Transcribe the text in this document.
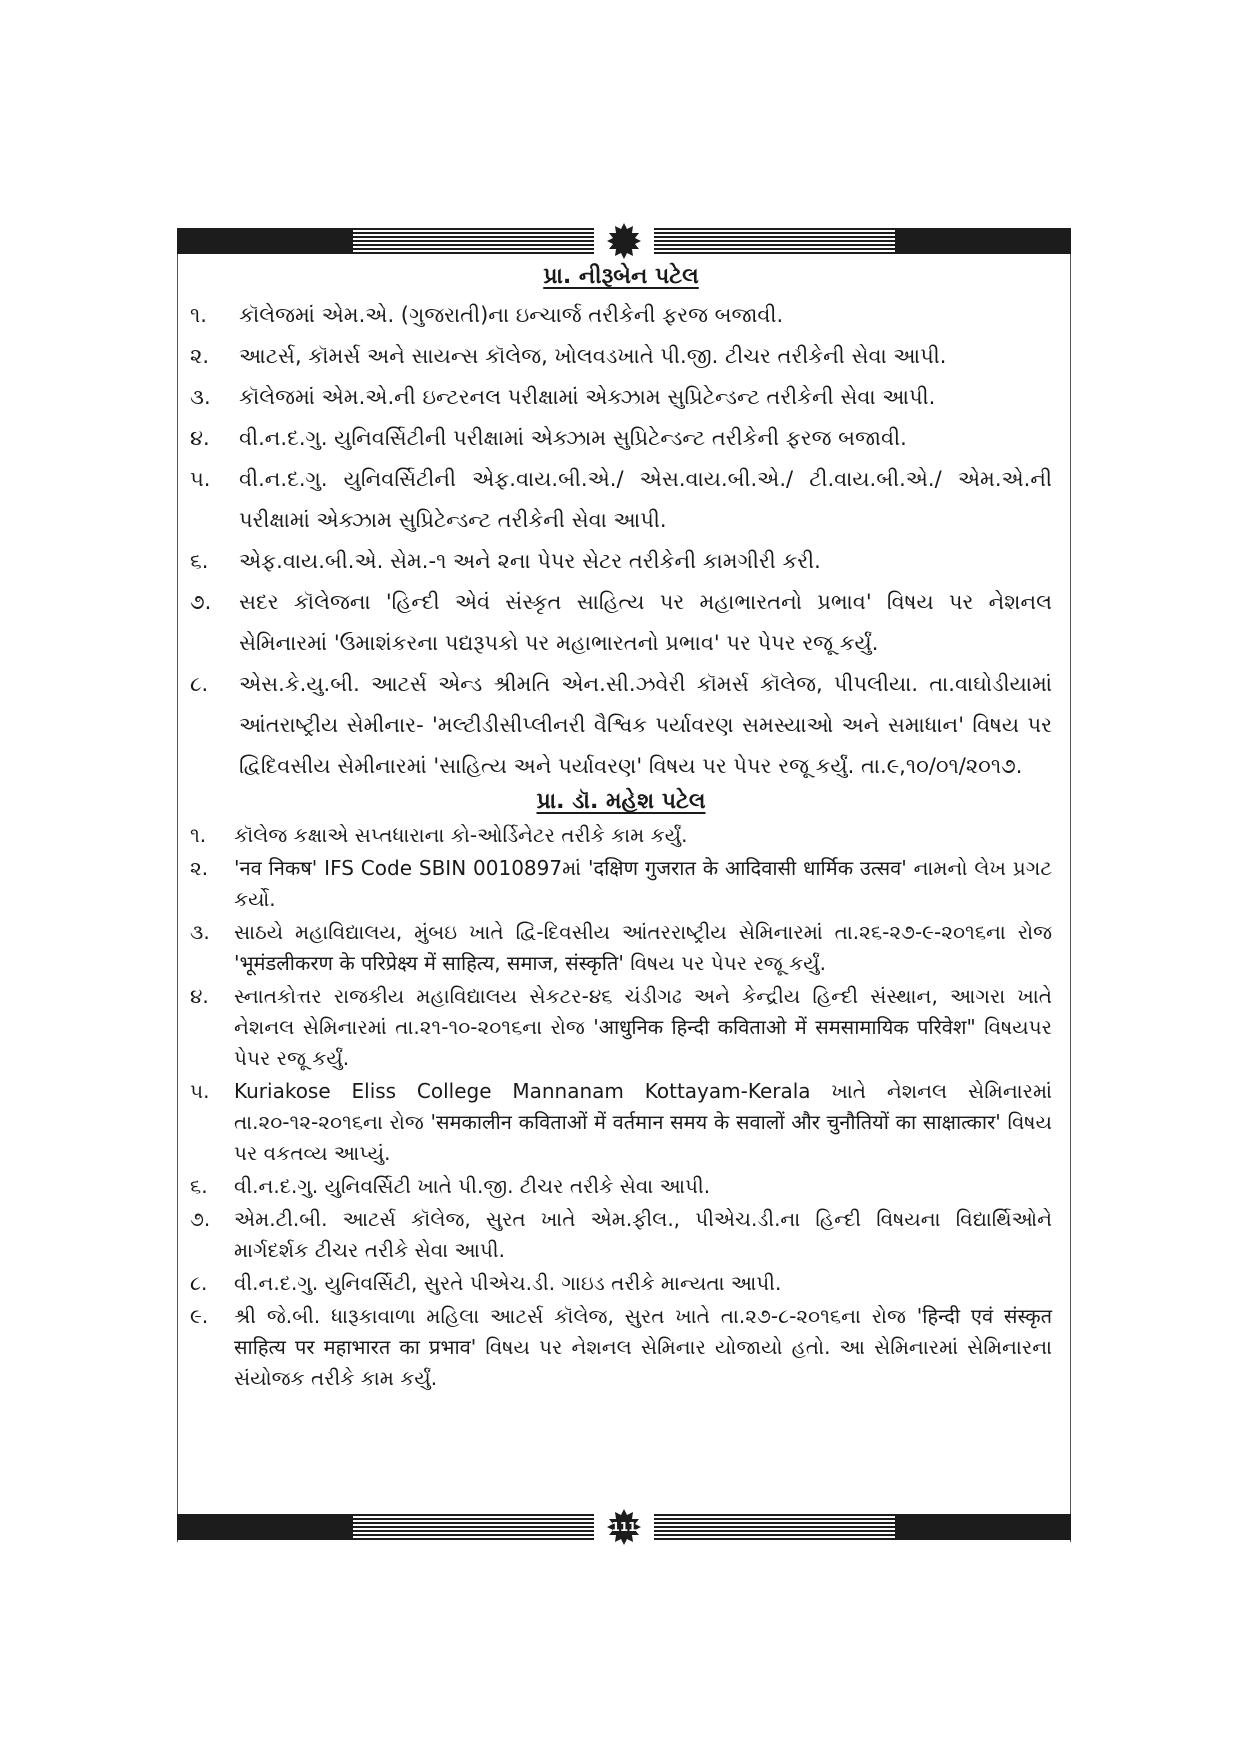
પ્રા. નીરૂબેન પટેલ
૧.	કૉલેજમાં એમ.એ. (ગુજરાતી)ના ઇન્ચાર્જ તરીકેની ફરજ બજાવી.
૨.	આટર્સ, કૉમર્સ અને સાયન્સ કૉલેજ, ખોલવડખાતે પી.જી. ટીચર તરીકેની સેવા આપી.
૩.	કૉલેજમાં એમ.એ.ની ઇન્ટરનલ પરીક્ષામાં એક્ઝામ સુપ્રિટેન્ડન્ટ તરીકેની સેવા આપી.
૪.	વી.ન.દ.ગુ. યુનિવર્સિટીની પરીક્ષામાં એક્ઝામ સુપ્રિટેન્ડન્ટ તરીકેની ફરજ બજાવી.
૫.	વી.ન.દ.ગુ. યુનિવર્સિટીની એફ.વાય.બી.એ./ એસ.વાય.બી.એ./ ટી.વાય.બી.એ./ એમ.એ.ની પરીક્ષામાં એક્ઝામ સુપ્રિટેન્ડન્ટ તરીકેની સેવા આપી.
૬.	એફ.વાય.બી.એ. સેમ.-૧ અને ૨ના પેપર સેટર તરીકેની કામગીરી કરી.
૭.	સદર કૉલેજના 'હિન્દી એવં સંસ્કૃત સાહિત્ય પર મહાભારતનો પ્રભાવ' વિષય પર નેશનલ સેમિનારમાં 'ઉમાશંકરના પદ્યરૂપકો પર મહાભારતનો પ્રભાવ' પર પેપર રજૂ કર્યું.
૮.	એસ.કે.યુ.બી. આટર્સ એન્ડ શ્રીમતિ એન.સી.ઝવેરી કૉમર્સ કૉલેજ, પીપલીયા. તા.વાઘોડીયામાં આંતરાષ્ટ્રીય સેમીનાર- 'મલ્ટીડીસીપ્લીનરી વૈશ્વિક પર્યાવરણ સમસ્યાઓ અને સમાધાન' વિષય પર દ્વિદિવસીય સેમીનારમાં 'સાહિત્ય અને પર્યાવરણ' વિષય પર પેપર રજૂ કર્યું. તા.૯,૧૦/૦૧/૨૦૧૭.
પ્રા. ડૉ. મહેશ પટેલ
૧.	કૉલેજ કક્ષાએ સપ્તધારાના કો-ઓર્ડિનેટર તરીકે કામ કર્યું.
૨.	'नव निकष' IFS Code SBIN 0010897માં 'दक्षिण गुजरात के आदिवासी धार्मिक उत्सव' નામનો લેખ પ્રગટ કર્યો.
૩.	સાઠયે મહાવિદ્યાલય, મુંબઇ ખાતે દ્વિ-દિવસીય આંતરરાષ્ટ્રીય સેમિનારમાં તા.૨૬-૨૭-૯-૨૦૧૬ના રોજ 'भूमंडलीकरण के परिप्रेक्ष्य में साहित्य, समाज, संस्कृति' વિષય પર પેપર રજૂ કર્યું.
૪.	સ્નાતકોત્તર રાજકીય મહાવિદ્યાલય સેકટર-૪૬ ચંડીગઢ અને કેન્દ્રીય હિન્દી સંસ્થાન, આગરા ખાતે નેશનલ સેમિનારમાં તા.૨૧-૧૦-૨૦૧૬ના રોજ 'आधुनिक हिन्दी कविताओ में समसामायिक परिवेश" વિષયપર પેપર રજૂ કર્યું.
૫.	Kuriakose Eliss College Mannanam Kottayam-Kerala ખાતે નેશનલ સેમિનારમાં તા.૨૦-૧૨-૨૦૧૬ના રોજ 'समकालीन कविताओं में वर्तमान समय के सवालों और चुनौतियों का साक्षात्कार' વિષય પર વકતવ્ય આપ્યું.
૬.	વી.ન.દ.ગુ. યુનિવર્સિટી ખાતે પી.જી. ટીચર તરીકે સેવા આપી.
૭.	એમ.ટી.બી. આટર્સ કૉલેજ, સુરત ખાતે એમ.ફીલ., પીએચ.ડી.ના હિન્દી વિષયના વિદ્યાર્થિઓને માર્ગદર્શક ટીચર તરીકે સેવા આપી.
૮.	વી.ન.દ.ગુ. યુનિવર્સિટી, સુરતે પીએચ.ડી. ગાઇડ તરીકે માન્યતા આપી.
૯.	શ્રી જે.બી. ધારૂકાવાળા મહિલા આટર્સ કૉલેજ, સુરત ખાતે તા.૨૭-૮-૨૦૧૬ના રોજ 'हिन्दी एवं संस्कृत साहित्य पर महाभारत का प्रभाव' વિષય પર નેશનલ સેમિનાર યોજાયો હતો. આ સેમિનારમાં સેમિનારના સંયોજક તરીકે કામ કર્યું.
111
